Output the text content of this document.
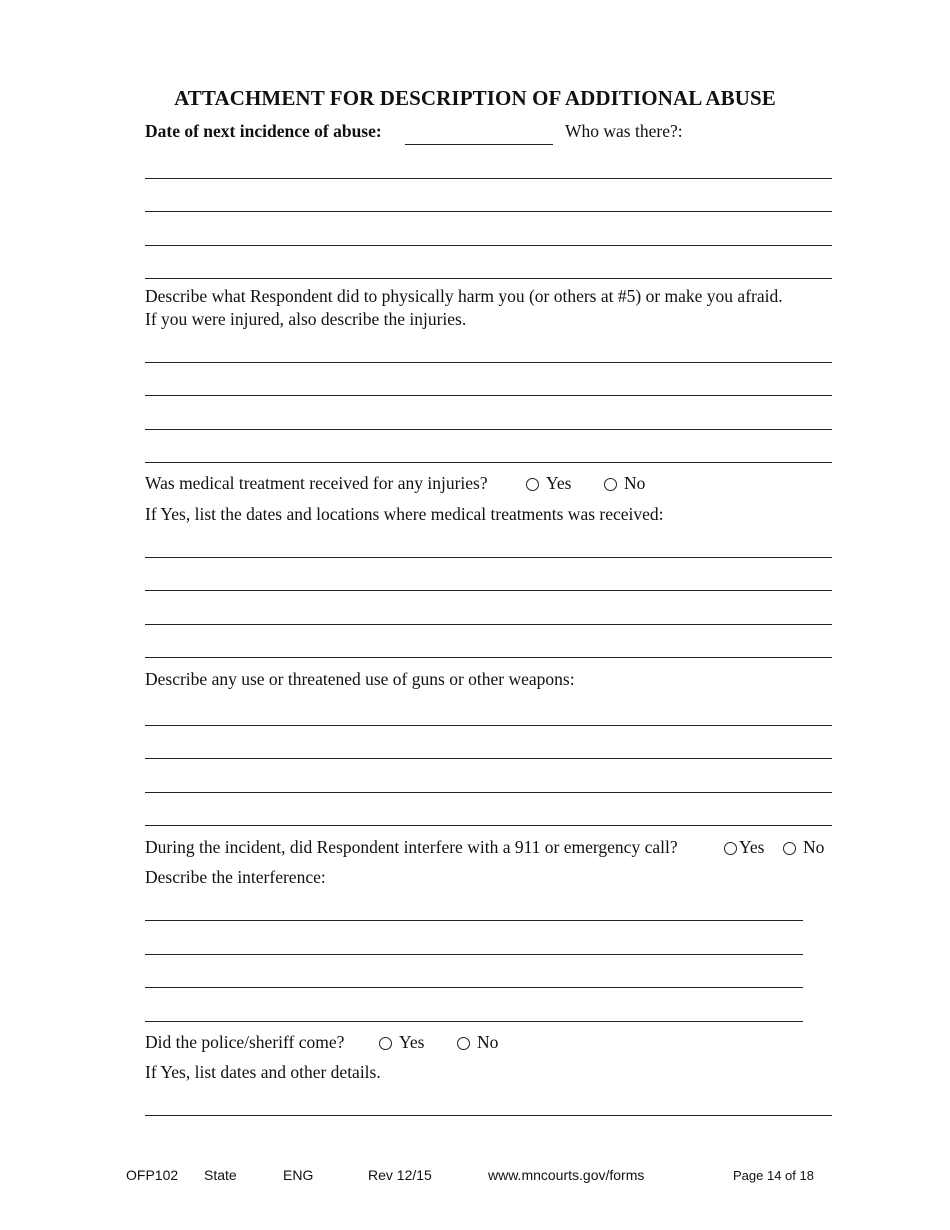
ATTACHMENT FOR DESCRIPTION OF ADDITIONAL ABUSE
Date of next incidence of abuse:	Who was there?:
Describe what Respondent did to physically harm you (or others at #5) or make you afraid.
If you were injured, also describe the injuries.
Was medical treatment received for any injuries?	Yes	No
If Yes, list the dates and locations where medical treatments was received:
Describe any use or threatened use of guns or other weapons:
During the incident, did Respondent interfere with a 911 or emergency call?	Yes No
Describe the interference:
Did the police/sheriff come?	Yes	No
If Yes, list dates and other details.
OFP102 State	ENG	Rev 12/15	www.mncourts.gov/forms	Page 14 of 18
